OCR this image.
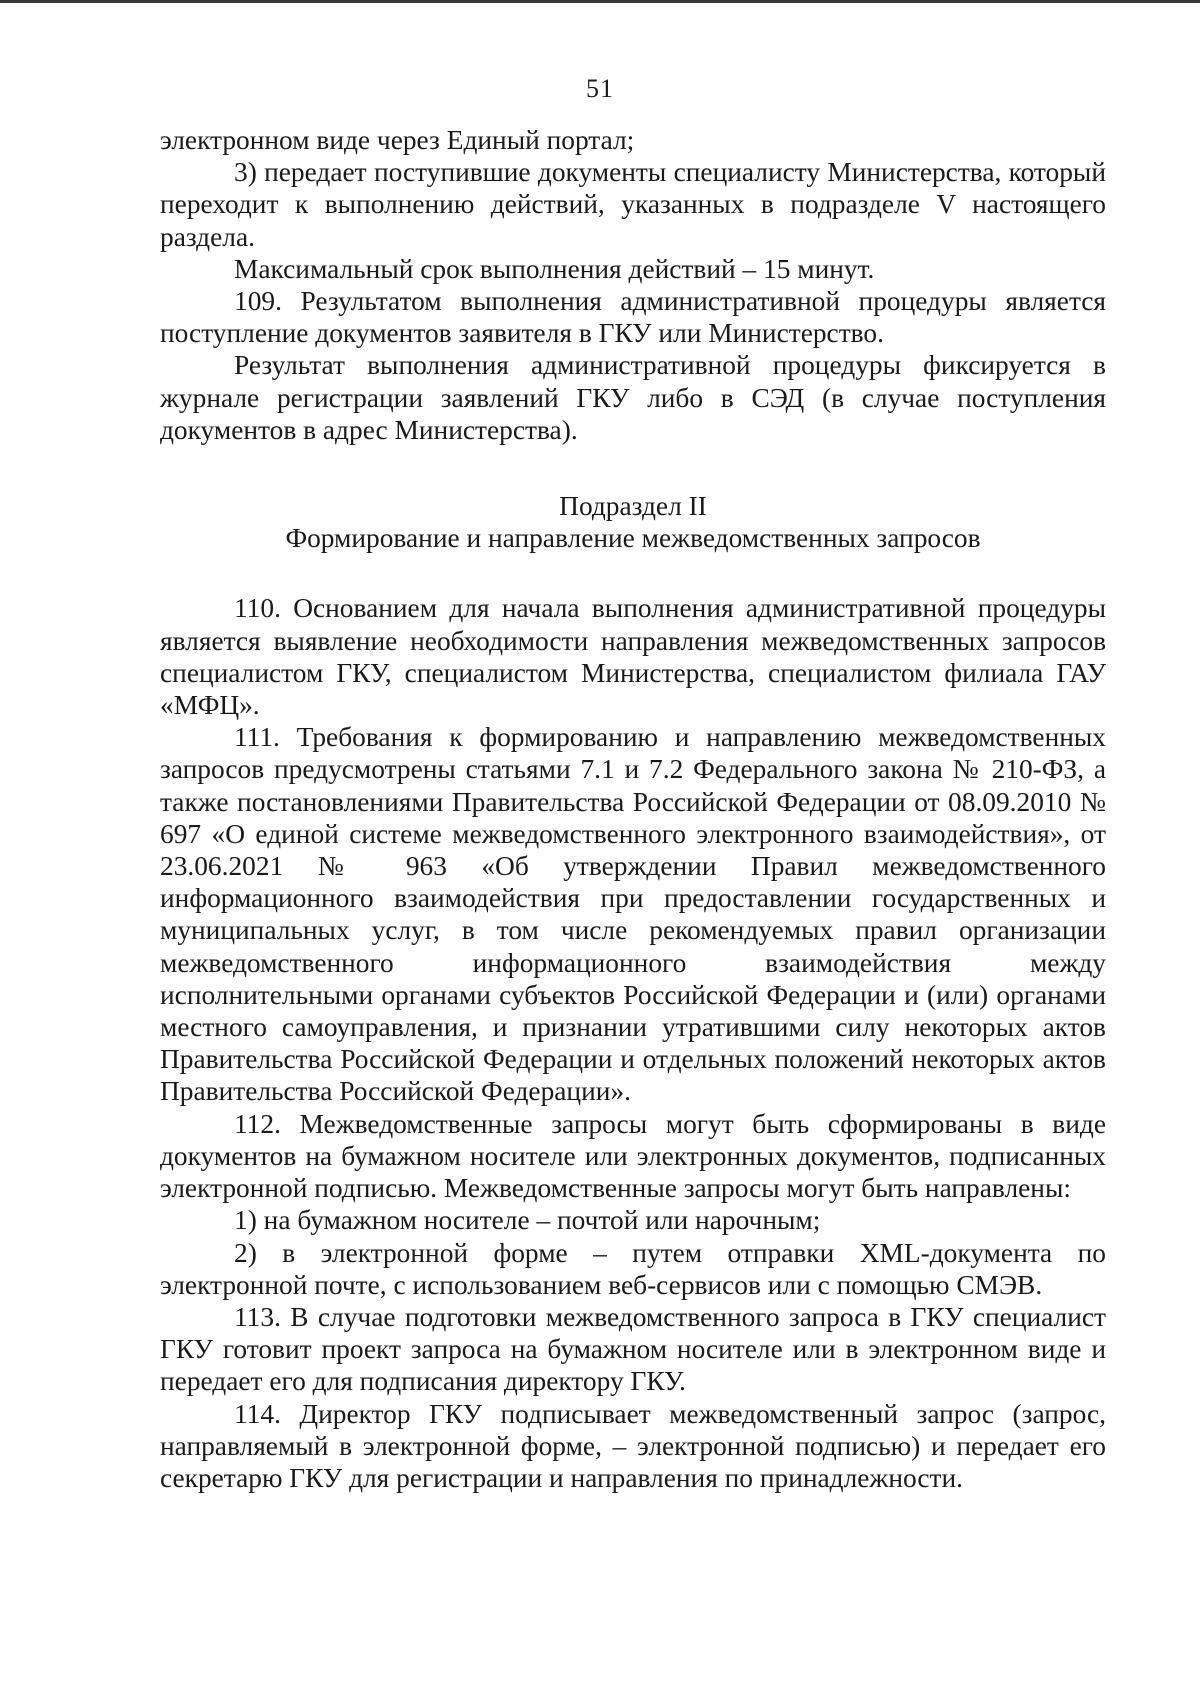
51

электронном виде через Единый портал;

3) передает поступившие документы специалисту Министерства, который переходит к выполнению действий, указанных в подразделе V настоящего раздела.

Максимальный срок выполнения действий – 15 минут.

109. Результатом выполнения административной процедуры является поступление документов заявителя в ГКУ или Министерство.

Результат выполнения административной процедуры фиксируется в журнале регистрации заявлений ГКУ либо в СЭД (в случае поступления документов в адрес Министерства).

Подраздел II

Формирование и направление межведомственных запросов

110. Основанием для начала выполнения административной процедуры является выявление необходимости направления межведомственных запросов специалистом ГКУ, специалистом Министерства, специалистом филиала ГАУ «МФЦ».

111. Требования к формированию и направлению межведомственных запросов предусмотрены статьями 7.1 и 7.2 Федерального закона № 210-ФЗ, а также постановлениями Правительства Российской Федерации от 08.09.2010 № 697 «О единой системе межведомственного электронного взаимодействия», от 23.06.2021 № 963 «Об утверждении Правил межведомственного информационного взаимодействия при предоставлении государственных и муниципальных услуг, в том числе рекомендуемых правил организации межведомственного информационного взаимодействия между исполнительными органами субъектов Российской Федерации и (или) органами местного самоуправления, и признании утратившими силу некоторых актов Правительства Российской Федерации и отдельных положений некоторых актов Правительства Российской Федерации».

112. Межведомственные запросы могут быть сформированы в виде документов на бумажном носителе или электронных документов, подписанных электронной подписью. Межведомственные запросы могут быть направлены:

1) на бумажном носителе – почтой или нарочным;

2) в электронной форме – путем отправки XML-документа по электронной почте, с использованием веб-сервисов или с помощью СМЭВ.

113. В случае подготовки межведомственного запроса в ГКУ специалист ГКУ готовит проект запроса на бумажном носителе или в электронном виде и передает его для подписания директору ГКУ.

114. Директор ГКУ подписывает межведомственный запрос (запрос, направляемый в электронной форме, – электронной подписью) и передает его секретарю ГКУ для регистрации и направления по принадлежности.
